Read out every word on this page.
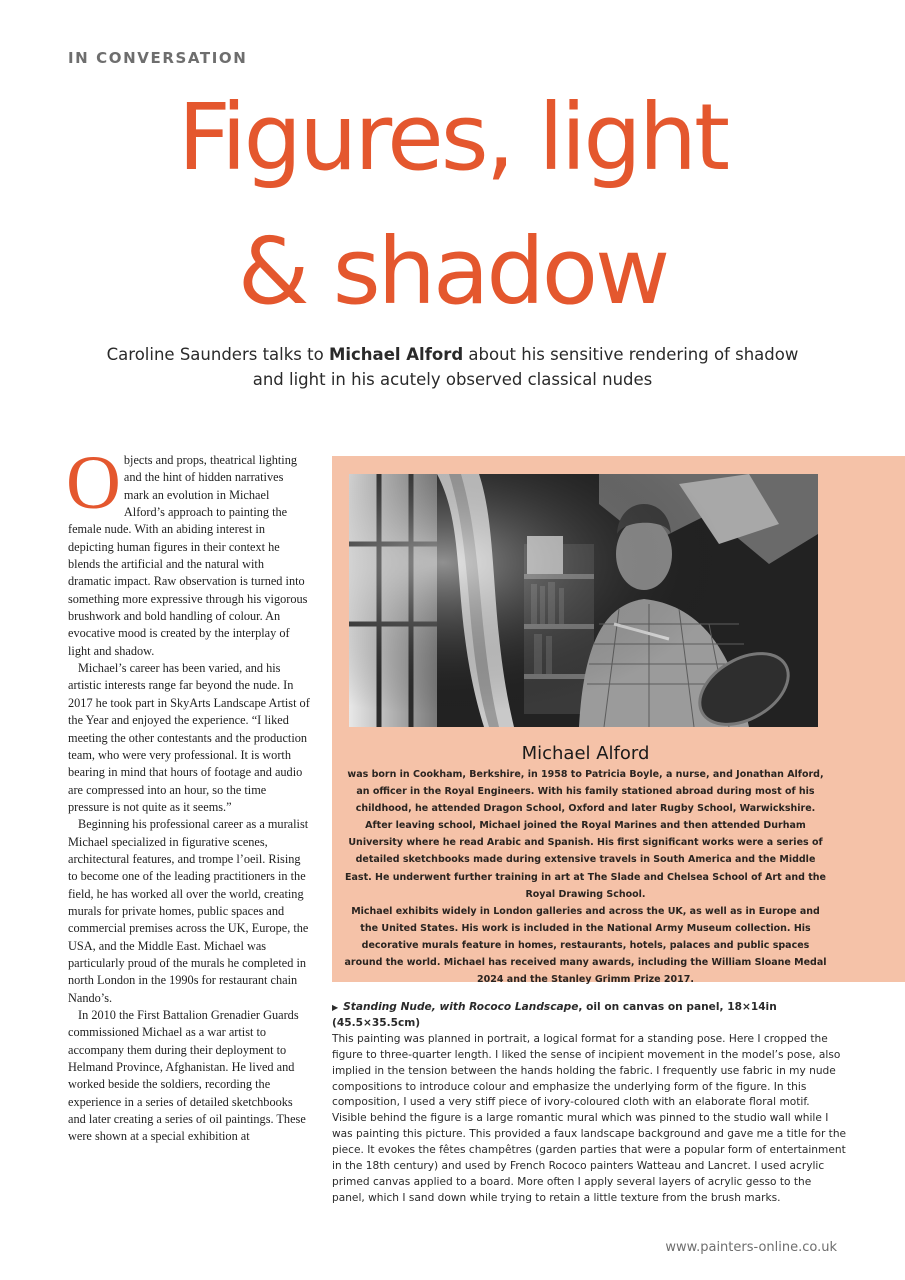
IN CONVERSATION
Figures, light
& shadow
Caroline Saunders talks to Michael Alford about his sensitive rendering of shadow and light in his acutely observed classical nudes

Objects and props, theatrical lighting and the hint of hidden narratives mark an evolution in Michael Alford’s approach to painting the female nude. With an abiding interest in depicting human figures in their context he blends the artificial and the natural with dramatic impact. Raw observation is turned into something more expressive through his vigorous brushwork and bold handling of colour. An evocative mood is created by the interplay of light and shadow.

Michael’s career has been varied, and his artistic interests range far beyond the nude. In 2017 he took part in SkyArts Landscape Artist of the Year and enjoyed the experience. “I liked meeting the other contestants and the production team, who were very professional. It is worth bearing in mind that hours of footage and audio are compressed into an hour, so the time pressure is not quite as it seems.”

Beginning his professional career as a muralist Michael specialized in figurative scenes, architectural features, and trompe l’oeil. Rising to become one of the leading practitioners in the field, he has worked all over the world, creating murals for private homes, public spaces and commercial premises across the UK, Europe, the USA, and the Middle East. Michael was particularly proud of the murals he completed in north London in the 1990s for restaurant chain Nando’s.

In 2010 the First Battalion Grenadier Guards commissioned Michael as a war artist to accompany them during their deployment to Helmand Province, Afghanistan. He lived and worked beside the soldiers, recording the experience in a series of detailed sketchbooks and later creating a series of oil paintings. These were shown at a special exhibition at

Michael Alford

was born in Cookham, Berkshire, in 1958 to Patricia Boyle, a nurse, and Jonathan Alford, an officer in the Royal Engineers. With his family stationed abroad during most of his childhood, he attended Dragon School, Oxford and later Rugby School, Warwickshire. After leaving school, Michael joined the Royal Marines and then attended Durham University where he read Arabic and Spanish. His first significant works were a series of detailed sketchbooks made during extensive travels in South America and the Middle East. He underwent further training in art at The Slade and Chelsea School of Art and the Royal Drawing School.

Michael exhibits widely in London galleries and across the UK, as well as in Europe and the United States. His work is included in the National Army Museum collection. His decorative murals feature in homes, restaurants, hotels, palaces and public spaces around the world. Michael has received many awards, including the William Sloane Medal 2024 and the Stanley Grimm Prize 2017.

▶ Standing Nude, with Rococo Landscape, oil on canvas on panel, 18×14in (45.5×35.5cm)
This painting was planned in portrait, a logical format for a standing pose. Here I cropped the figure to three-quarter length. I liked the sense of incipient movement in the model’s pose, also implied in the tension between the hands holding the fabric. I frequently use fabric in my nude compositions to introduce colour and emphasize the underlying form of the figure. In this composition, I used a very stiff piece of ivory-coloured cloth with an elaborate floral motif. Visible behind the figure is a large romantic mural which was pinned to the studio wall while I was painting this picture. This provided a faux landscape background and gave me a title for the piece. It evokes the fêtes champêtres (garden parties that were a popular form of entertainment in the 18th century) and used by French Rococo painters Watteau and Lancret. I used acrylic primed canvas applied to a board. More often I apply several layers of acrylic gesso to the panel, which I sand down while trying to retain a little texture from the brush marks.
www.painters-online.co.uk
